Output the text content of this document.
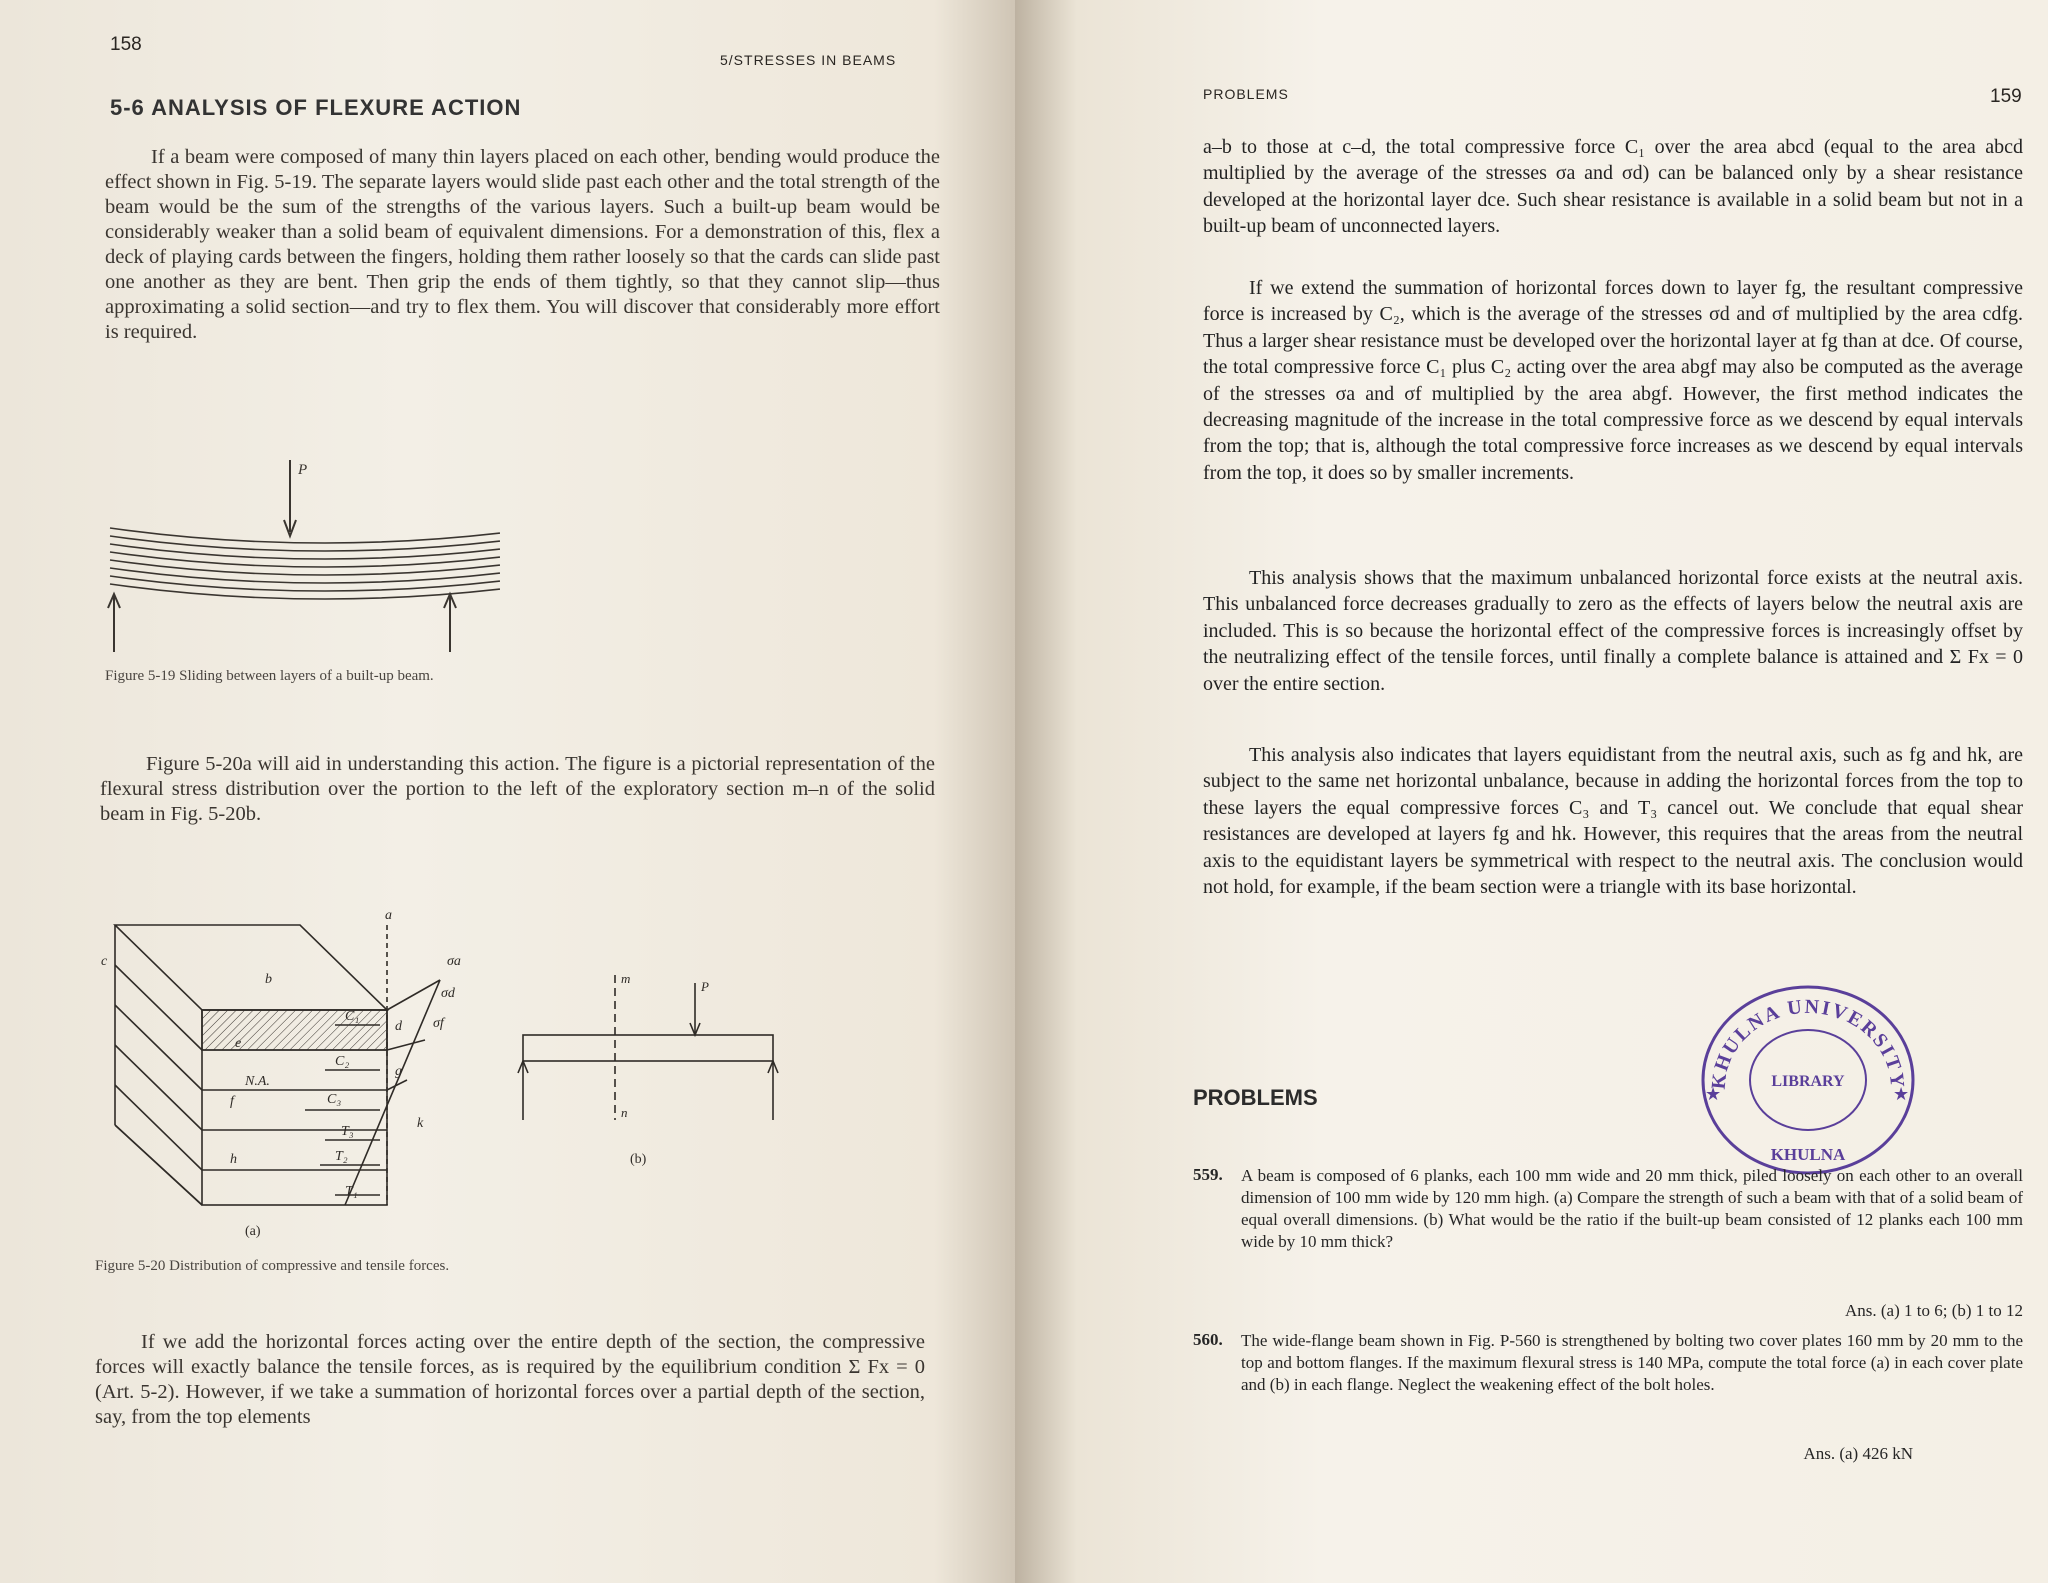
158
5/STRESSES IN BEAMS
5-6 ANALYSIS OF FLEXURE ACTION

If a beam were composed of many thin layers placed on each other, bending would produce the effect shown in Fig. 5-19. The separate layers would slide past each other and the total strength of the beam would be the sum of the strengths of the various layers. Such a built-up beam would be considerably weaker than a solid beam of equivalent dimensions. For a demonstration of this, flex a deck of playing cards between the fingers, holding them rather loosely so that the cards can slide past one another as they are bent. Then grip the ends of them tightly, so that they cannot slip—thus approximating a solid section—and try to flex them. You will discover that considerably more effort is required.

P
Figure 5-19 Sliding between layers of a built-up beam.

Figure 5-20a will aid in understanding this action. The figure is a pictorial representation of the flexural stress distribution over the portion to the left of the exploratory section m–n of the solid beam in Fig. 5-20b.

a
b
c
d
e
f
g
h
k
N.A.
C₁
C₂
C₃
T₁
T₂
T₃
σa
σd
σf
m
n
P
(b)
(a)
Figure 5-20 Distribution of compressive and tensile forces.

If we add the horizontal forces acting over the entire depth of the section, the compressive forces will exactly balance the tensile forces, as is required by the equilibrium condition Σ Fx = 0 (Art. 5-2). However, if we take a summation of horizontal forces over a partial depth of the section, say, from the top elements

PROBLEMS	159

a–b to those at c–d, the total compressive force C₁ over the area abcd (equal to the area abcd multiplied by the average of the stresses σa and σd) can be balanced only by a shear resistance developed at the horizontal layer dce. Such shear resistance is available in a solid beam but not in a built-up beam of unconnected layers.

If we extend the summation of horizontal forces down to layer fg, the resultant compressive force is increased by C₂, which is the average of the stresses σd and σf multiplied by the area cdfg. Thus a larger shear resistance must be developed over the horizontal layer at fg than at dce. Of course, the total compressive force C₁ plus C₂ acting over the area abgf may also be computed as the average of the stresses σa and σf multiplied by the area abgf. However, the first method indicates the decreasing magnitude of the increase in the total compressive force as we descend by equal intervals from the top; that is, although the total compressive force increases as we descend by equal intervals from the top, it does so by smaller increments.

This analysis shows that the maximum unbalanced horizontal force exists at the neutral axis. This unbalanced force decreases gradually to zero as the effects of layers below the neutral axis are included. This is so because the horizontal effect of the compressive forces is increasingly offset by the neutralizing effect of the tensile forces, until finally a complete balance is attained and Σ Fx = 0 over the entire section.

This analysis also indicates that layers equidistant from the neutral axis, such as fg and hk, are subject to the same net horizontal unbalance, because in adding the horizontal forces from the top to these layers the equal compressive forces C₃ and T₃ cancel out. We conclude that equal shear resistances are developed at layers fg and hk. However, this requires that the areas from the neutral axis to the equidistant layers be symmetrical with respect to the neutral axis. The conclusion would not hold, for example, if the beam section were a triangle with its base horizontal.

KHULNA UNIVERSITY
LIBRARY
KHULNA
★	★
PROBLEMS
559. A beam is composed of 6 planks, each 100 mm wide and 20 mm thick, piled loosely on each other to an overall dimension of 100 mm wide by 120 mm high. (a) Compare the strength of such a beam with that of a solid beam of equal overall dimensions. (b) What would be the ratio if the built-up beam consisted of 12 planks each 100 mm wide by 10 mm thick?

Ans. (a) 1 to 6; (b) 1 to 12
560. The wide-flange beam shown in Fig. P-560 is strengthened by bolting two cover plates 160 mm by 20 mm to the top and bottom flanges. If the maximum flexural stress is 140 MPa, compute the total force (a) in each cover plate and (b) in each flange. Neglect the weakening effect of the bolt holes.

Ans. (a) 426 kN
